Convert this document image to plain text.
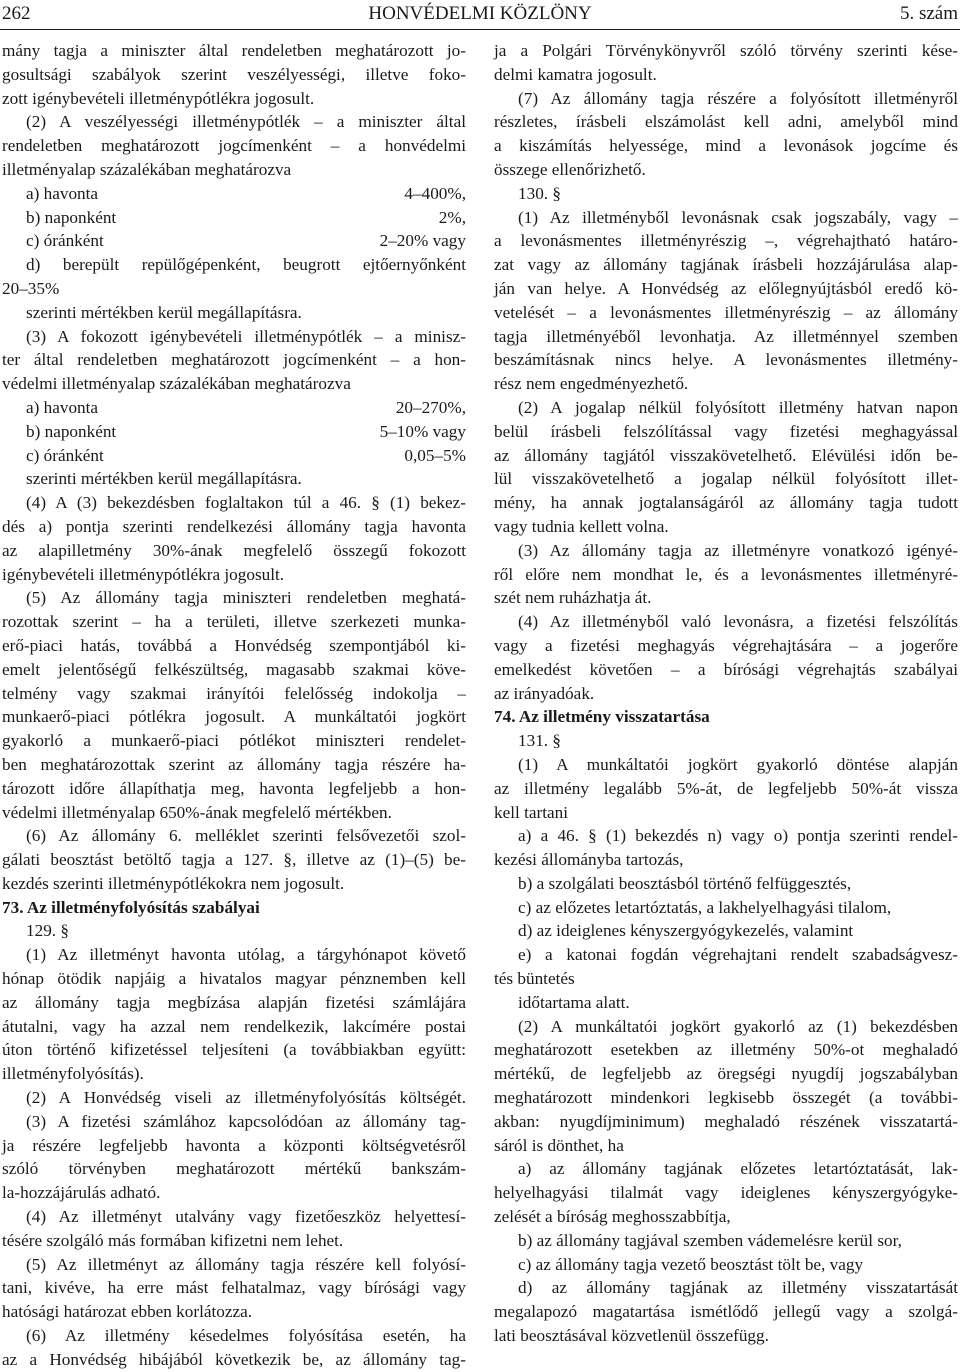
262	HONVÉDELMI KÖZLÖNY	5. szám

mány tagja a miniszter által rendeletben meghatározott jo-

gosultsági szabályok szerint veszélyességi, illetve foko-

zott igénybevételi illetménypótlékra jogosult.

(2) A veszélyességi illetménypótlék – a miniszter által

rendeletben meghatározott jogcímenként – a honvédelmi

illetményalap százalékában meghatározva

a) havonta	4–400%,
b) naponként	2%,
c) óránként	2–20% vagy

d) berepült repülőgépenként, beugrott ejtőernyőnként

20–35%

szerinti mértékben kerül megállapításra.

(3) A fokozott igénybevételi illetménypótlék – a minisz-

ter által rendeletben meghatározott jogcímenként – a hon-

védelmi illetményalap százalékában meghatározva

a) havonta	20–270%,
b) naponként	5–10% vagy
c) óránként	0,05–5%

szerinti mértékben kerül megállapításra.

(4) A (3) bekezdésben foglaltakon túl a 46. § (1) bekez-

dés a) pontja szerinti rendelkezési állomány tagja havonta

az alapilletmény 30%-ának megfelelő összegű fokozott

igénybevételi illetménypótlékra jogosult.

(5) Az állomány tagja miniszteri rendeletben meghatá-

rozottak szerint – ha a területi, illetve szerkezeti munka-

erő-piaci hatás, továbbá a Honvédség szempontjából ki-

emelt jelentőségű felkészültség, magasabb szakmai köve-

telmény vagy szakmai irányítói felelősség indokolja –

munkaerő-piaci pótlékra jogosult. A munkáltatói jogkört

gyakorló a munkaerő-piaci pótlékot miniszteri rendelet-

ben meghatározottak szerint az állomány tagja részére ha-

tározott időre állapíthatja meg, havonta legfeljebb a hon-

védelmi illetményalap 650%-ának megfelelő mértékben.

(6) Az állomány 6. melléklet szerinti felsővezetői szol-

gálati beosztást betöltő tagja a 127. §, illetve az (1)–(5) be-

kezdés szerinti illetménypótlékokra nem jogosult.

73. Az illetményfolyósítás szabályai

129. §

(1) Az illetményt havonta utólag, a tárgyhónapot követő

hónap ötödik napjáig a hivatalos magyar pénznemben kell

az állomány tagja megbízása alapján fizetési számlájára

átutalni, vagy ha azzal nem rendelkezik, lakcímére postai

úton történő kifizetéssel teljesíteni (a továbbiakban együtt:

illetményfolyósítás).

(2) A Honvédség viseli az illetményfolyósítás költségét.

(3) A fizetési számlához kapcsolódóan az állomány tag-

ja részére legfeljebb havonta a központi költségvetésről

szóló törvényben meghatározott mértékű bankszám-

la-hozzájárulás adható.

(4) Az illetményt utalvány vagy fizetőeszköz helyettesí-

tésére szolgáló más formában kifizetni nem lehet.

(5) Az illetményt az állomány tagja részére kell folyósí-

tani, kivéve, ha erre mást felhatalmaz, vagy bírósági vagy

hatósági határozat ebben korlátozza.

(6) Az illetmény késedelmes folyósítása esetén, ha

az a Honvédség hibájából következik be, az állomány tag-

ja a Polgári Törvénykönyvről szóló törvény szerinti kése-

delmi kamatra jogosult.

(7) Az állomány tagja részére a folyósított illetményről

részletes, írásbeli elszámolást kell adni, amelyből mind

a kiszámítás helyessége, mind a levonások jogcíme és

összege ellenőrizhető.

130. §

(1) Az illetményből levonásnak csak jogszabály, vagy –

a levonásmentes illetményrészig –, végrehajtható határo-

zat vagy az állomány tagjának írásbeli hozzájárulása alap-

ján van helye. A Honvédség az előlegnyújtásból eredő kö-

vetelését – a levonásmentes illetményrészig – az állomány

tagja illetményéből levonhatja. Az illetménnyel szemben

beszámításnak nincs helye. A levonásmentes illetmény-

rész nem engedményezhető.

(2) A jogalap nélkül folyósított illetmény hatvan napon

belül írásbeli felszólítással vagy fizetési meghagyással

az állomány tagjától visszakövetelhető. Elévülési időn be-

lül visszakövetelhető a jogalap nélkül folyósított illet-

mény, ha annak jogtalanságáról az állomány tagja tudott

vagy tudnia kellett volna.

(3) Az állomány tagja az illetményre vonatkozó igényé-

ről előre nem mondhat le, és a levonásmentes illetményré-

szét nem ruházhatja át.

(4) Az illetményből való levonásra, a fizetési felszólítás

vagy a fizetési meghagyás végrehajtására – a jogerőre

emelkedést követően – a bírósági végrehajtás szabályai

az irányadóak.

74. Az illetmény visszatartása

131. §

(1) A munkáltatói jogkört gyakorló döntése alapján

az illetmény legalább 5%-át, de legfeljebb 50%-át vissza

kell tartani

a) a 46. § (1) bekezdés n) vagy o) pontja szerinti rendel-

kezési állományba tartozás,

b) a szolgálati beosztásból történő felfüggesztés,

c) az előzetes letartóztatás, a lakhelyelhagyási tilalom,

d) az ideiglenes kényszergyógykezelés, valamint

e) a katonai fogdán végrehajtani rendelt szabadságvesz-

tés büntetés

időtartama alatt.

(2) A munkáltatói jogkört gyakorló az (1) bekezdésben

meghatározott esetekben az illetmény 50%-ot meghaladó

mértékű, de legfeljebb az öregségi nyugdíj jogszabályban

meghatározott mindenkori legkisebb összegét (a további-

akban: nyugdíjminimum) meghaladó részének visszatartá-

sáról is dönthet, ha

a) az állomány tagjának előzetes letartóztatását, lak-

helyelhagyási tilalmát vagy ideiglenes kényszergyógyke-

zelését a bíróság meghosszabbítja,

b) az állomány tagjával szemben vádemelésre kerül sor,

c) az állomány tagja vezető beosztást tölt be, vagy

d) az állomány tagjának az illetmény visszatartását

megalapozó magatartása ismétlődő jellegű vagy a szolgá-

lati beosztásával közvetlenül összefügg.
